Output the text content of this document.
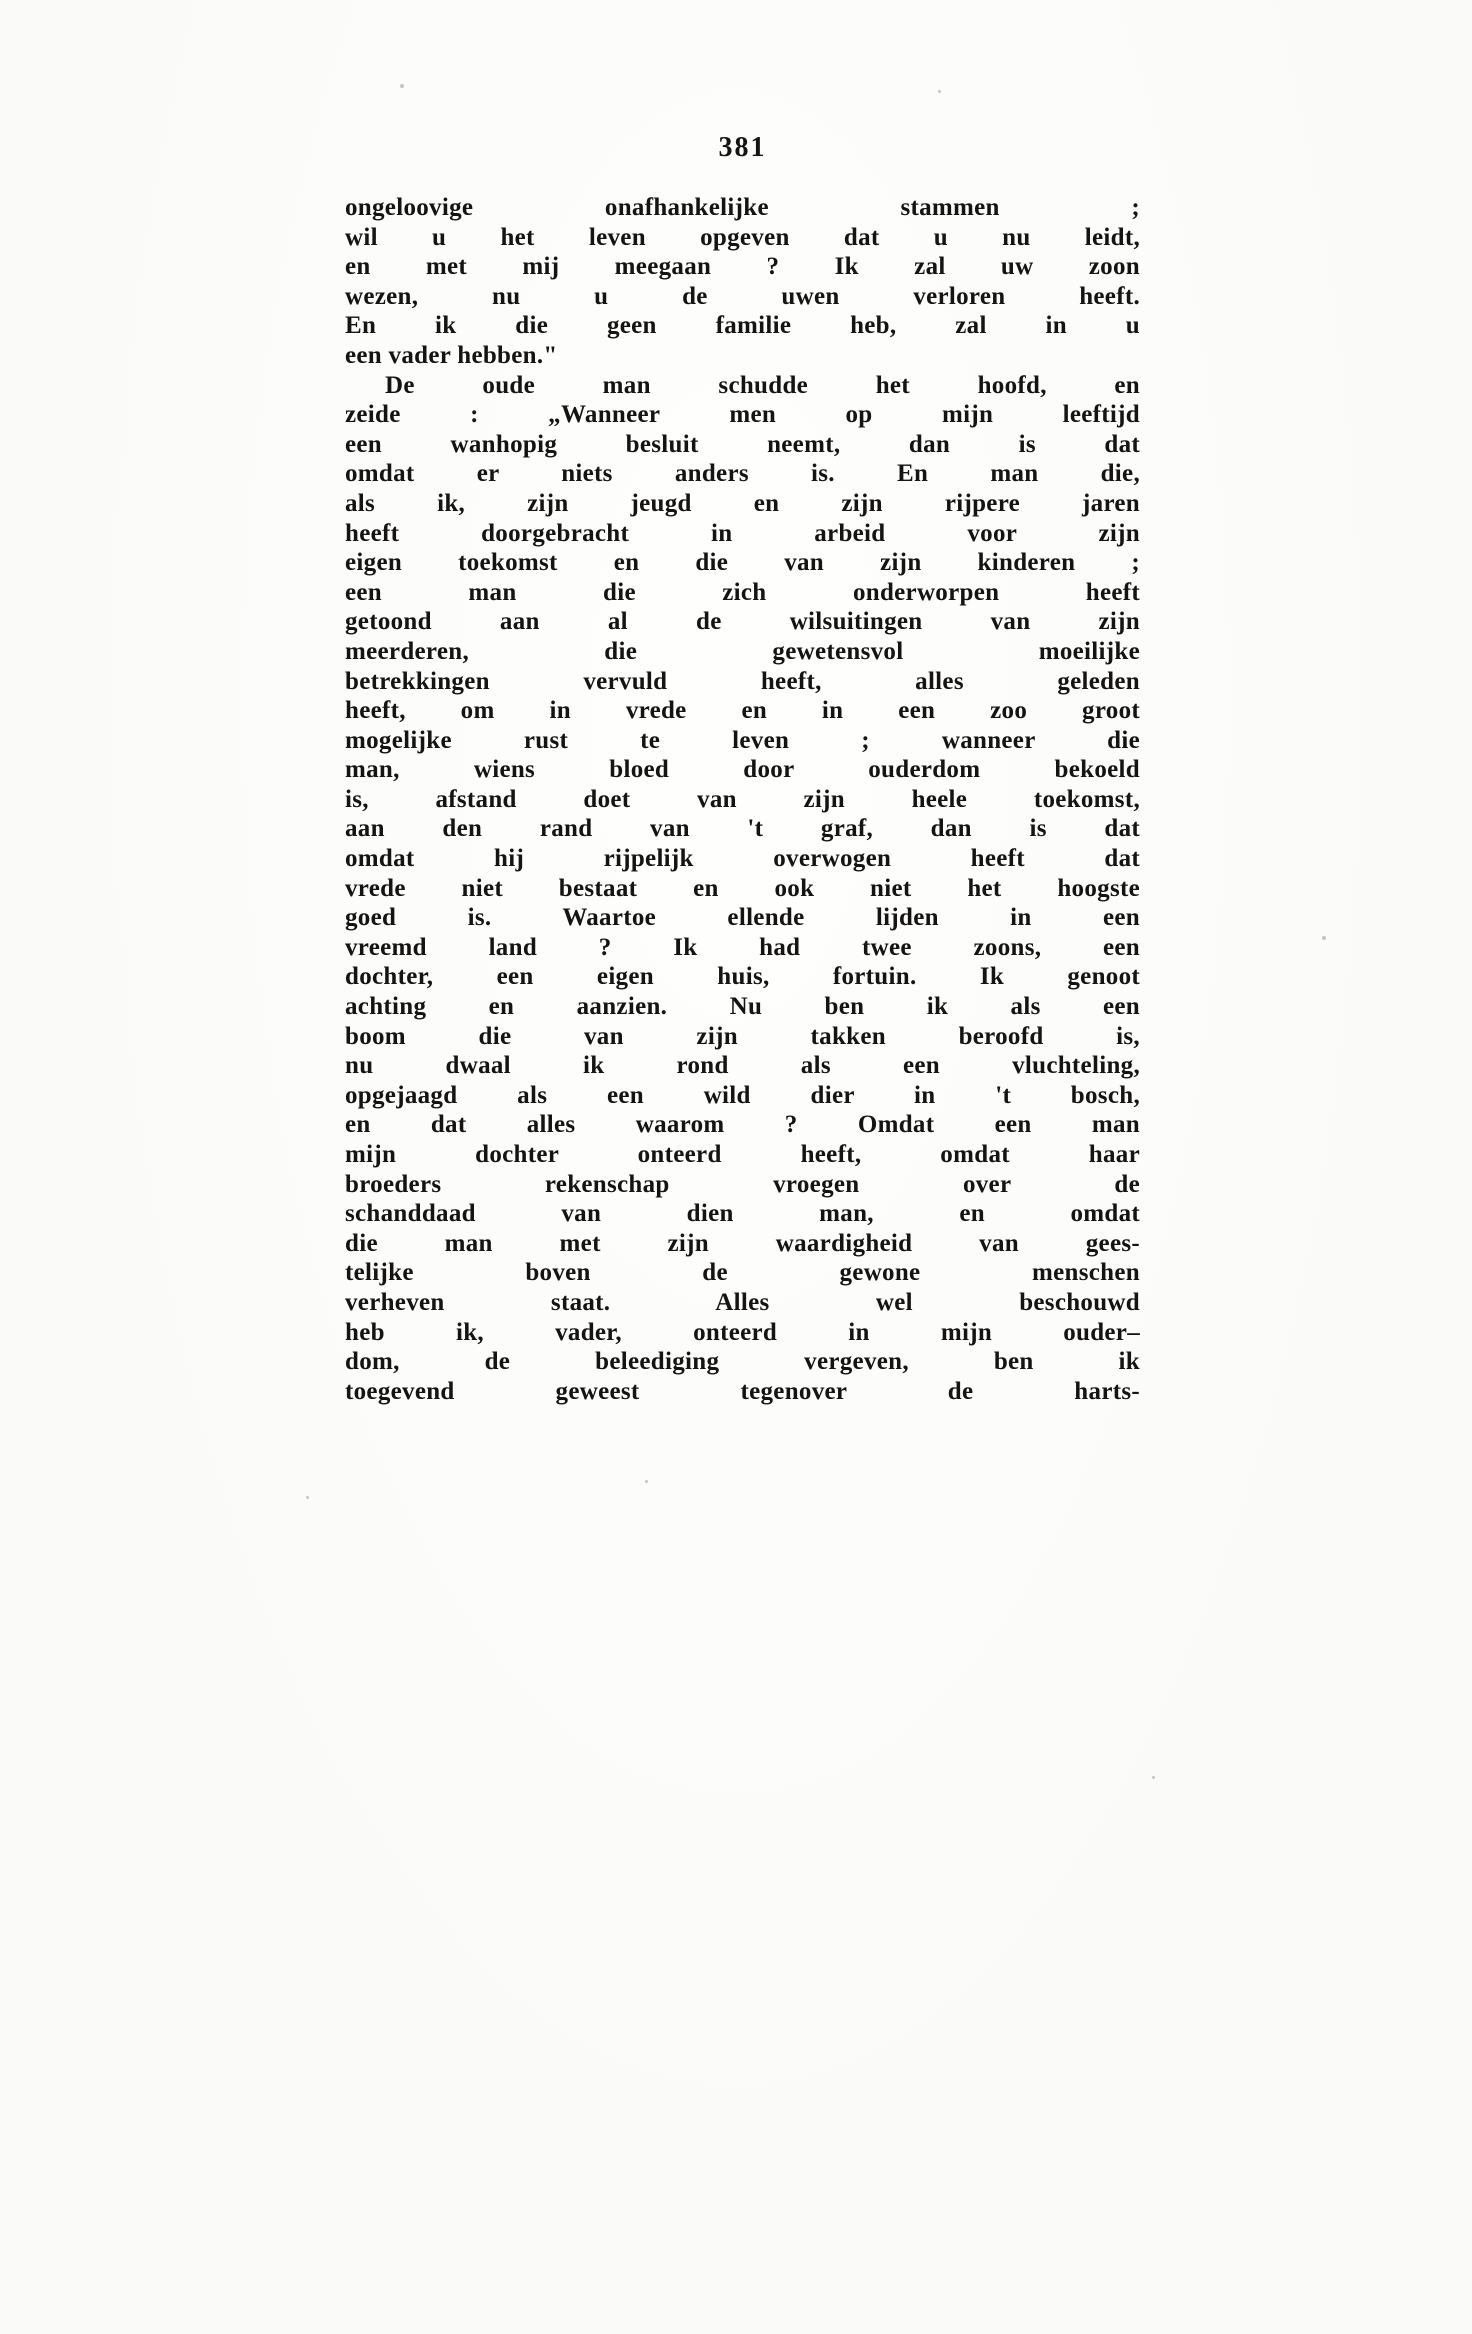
381
ongeloovige onafhankelijke stammen ;
wil u het leven opgeven dat u nu leidt,
en met mij meegaan ? Ik zal uw zoon
wezen, nu u de uwen verloren heeft.
En ik die geen familie heb, zal in u
een vader hebben."
De oude man schudde het hoofd, en
zeide : „Wanneer men op mijn leeftijd
een wanhopig besluit neemt, dan is dat
omdat er niets anders is. En man die,
als ik, zijn jeugd en zijn rijpere jaren
heeft doorgebracht in arbeid voor zijn
eigen toekomst en die van zijn kinderen ;
een man die zich onderworpen heeft
getoond aan al de wilsuitingen van zijn
meerderen, die gewetensvol moeilijke
betrekkingen vervuld heeft, alles geleden
heeft, om in vrede en in een zoo groot
mogelijke rust te leven ; wanneer die
man, wiens bloed door ouderdom bekoeld
is, afstand doet van zijn heele toekomst,
aan den rand van 't graf, dan is dat
omdat hij rijpelijk overwogen heeft dat
vrede niet bestaat en ook niet het hoogste
goed is. Waartoe ellende lijden in een
vreemd land ? Ik had twee zoons, een
dochter, een eigen huis, fortuin. Ik genoot
achting en aanzien. Nu ben ik als een
boom die van zijn takken beroofd is,
nu dwaal ik rond als een vluchteling,
opgejaagd als een wild dier in 't bosch,
en dat alles waarom ? Omdat een man
mijn dochter onteerd heeft, omdat haar
broeders rekenschap vroegen over de
schanddaad van dien man, en omdat
die man met zijn waardigheid van gees-
telijke boven de gewone menschen
verheven staat. Alles wel beschouwd
heb ik, vader, onteerd in mijn ouder–
dom, de beleediging vergeven, ben ik
toegevend geweest tegenover de harts-
